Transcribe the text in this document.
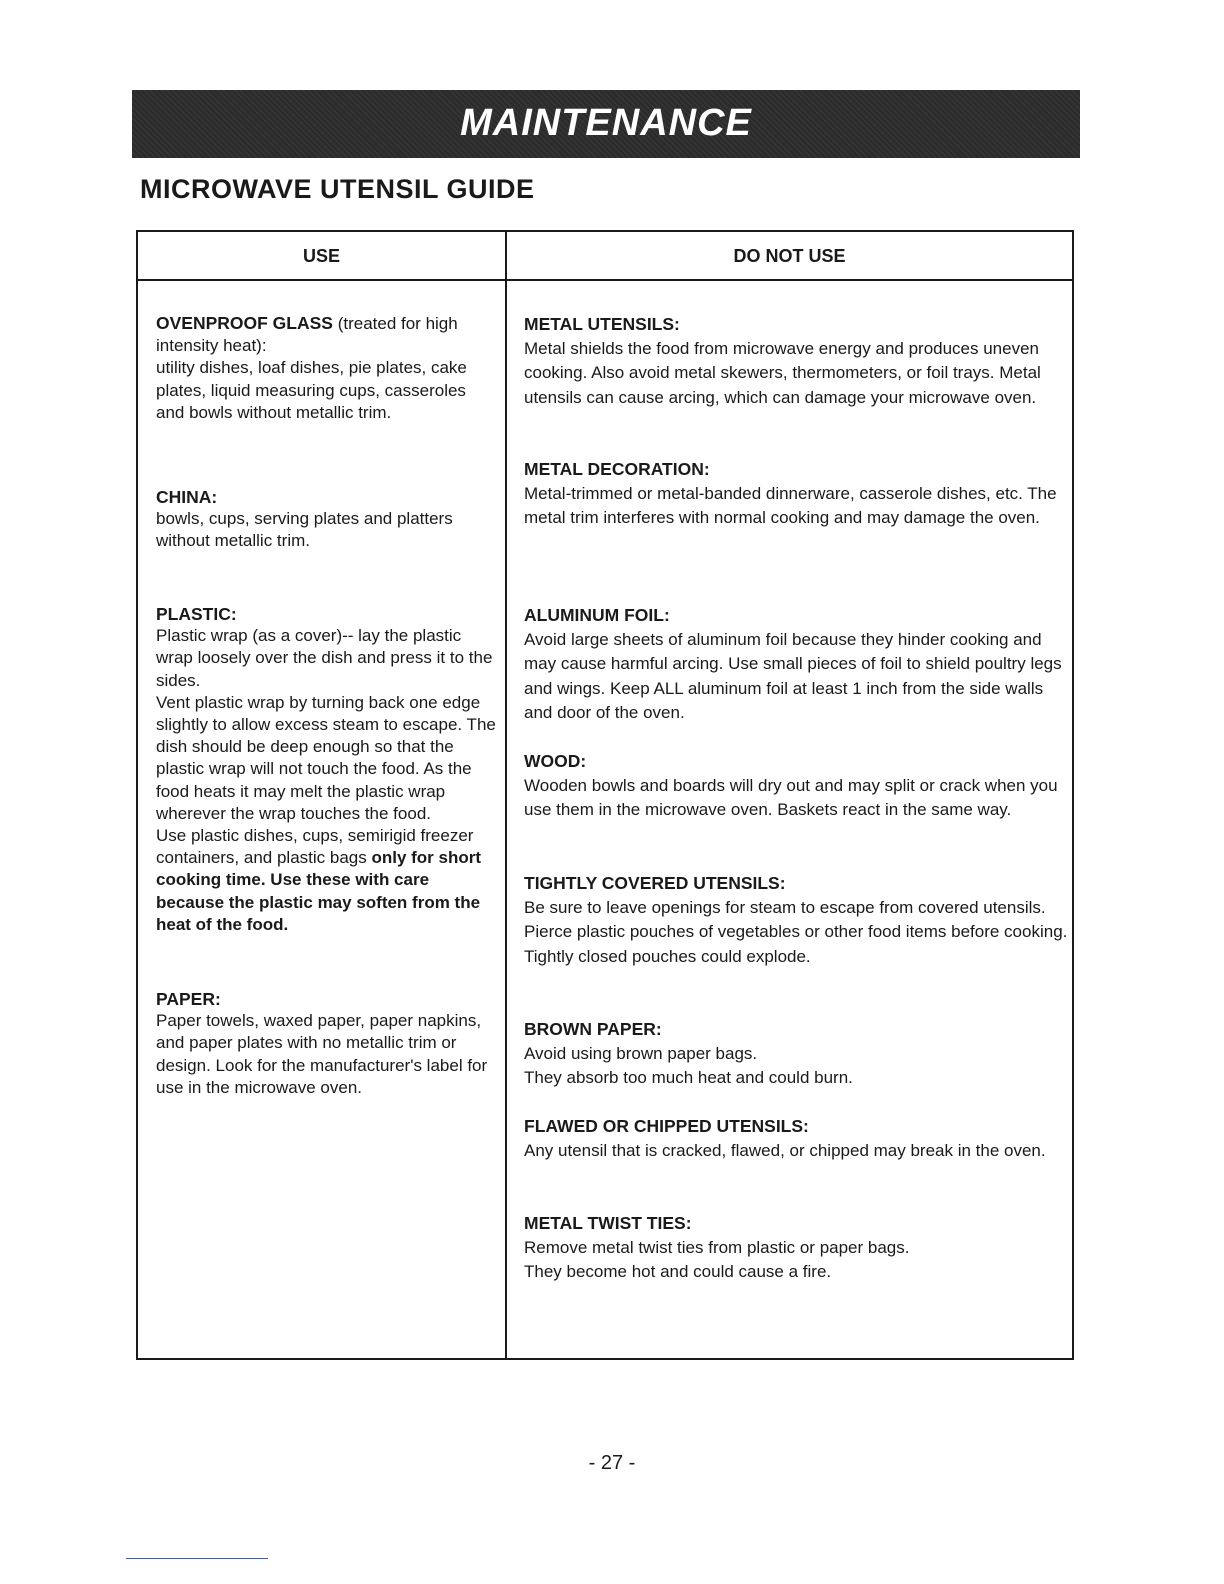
MAINTENANCE
MICROWAVE UTENSIL GUIDE
USE	DO NOT USE
OVENPROOF GLASS (treated for high intensity heat):
utility dishes, loaf dishes, pie plates, cake plates, liquid measuring cups, casseroles and bowls without metallic trim.
CHINA:
bowls, cups, serving plates and platters without metallic trim.
PLASTIC:
Plastic wrap (as a cover)-- lay the plastic wrap loosely over the dish and press it to the sides.
Vent plastic wrap by turning back one edge slightly to allow excess steam to escape. The dish should be deep enough so that the plastic wrap will not touch the food. As the food heats it may melt the plastic wrap wherever the wrap touches the food.
Use plastic dishes, cups, semirigid freezer containers, and plastic bags only for short cooking time. Use these with care because the plastic may soften from the heat of the food.
PAPER:
Paper towels, waxed paper, paper napkins, and paper plates with no metallic trim or design. Look for the manufacturer's label for use in the microwave oven.
METAL UTENSILS:
Metal shields the food from microwave energy and produces uneven cooking. Also avoid metal skewers, thermometers, or foil trays. Metal utensils can cause arcing, which can damage your microwave oven.
METAL DECORATION:
Metal-trimmed or metal-banded dinnerware, casserole dishes, etc. The metal trim interferes with normal cooking and may damage the oven.
ALUMINUM FOIL:
Avoid large sheets of aluminum foil because they hinder cooking and may cause harmful arcing. Use small pieces of foil to shield poultry legs and wings. Keep ALL aluminum foil at least 1 inch from the side walls and door of the oven.
WOOD:
Wooden bowls and boards will dry out and may split or crack when you use them in the microwave oven. Baskets react in the same way.
TIGHTLY COVERED UTENSILS:
Be sure to leave openings for steam to escape from covered utensils. Pierce plastic pouches of vegetables or other food items before cooking. Tightly closed pouches could explode.
BROWN PAPER:
Avoid using brown paper bags.
They absorb too much heat and could burn.
FLAWED OR CHIPPED UTENSILS:
Any utensil that is cracked, flawed, or chipped may break in the oven.
METAL TWIST TIES:
Remove metal twist ties from plastic or paper bags.
They become hot and could cause a fire.
- 27 -
